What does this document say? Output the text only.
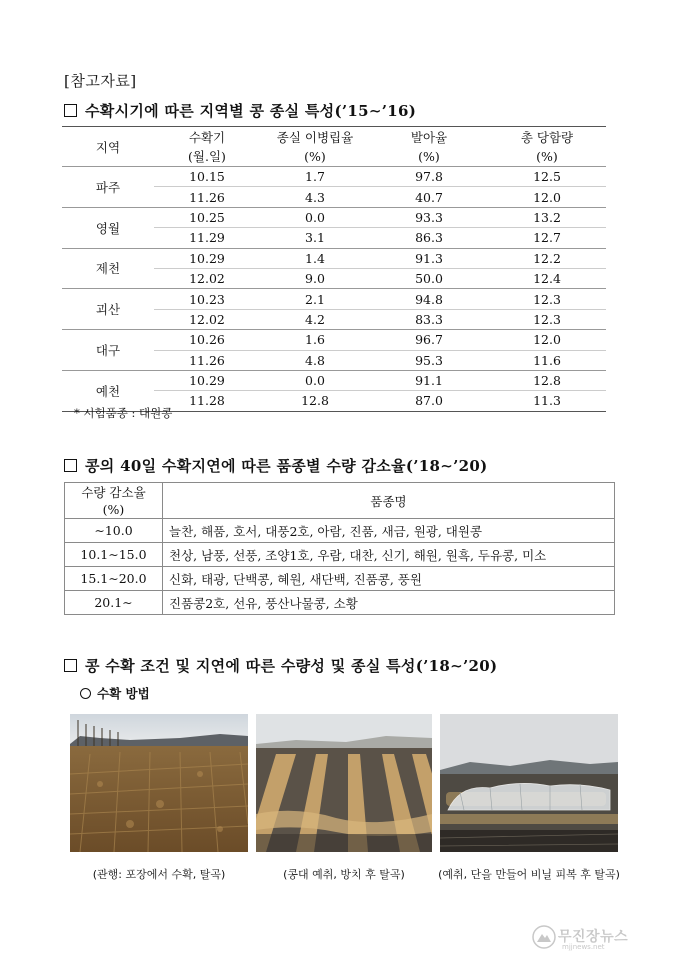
[참고자료]
수확시기에 따른 지역별 콩 종실 특성(’15∼’16)
지역	수확기	종실 이병립율	발아율	총 당함량
	(월.일)	(%)	(%)	(%)
파주	10.15	1.7	97.8	12.5
	11.26	4.3	40.7	12.0
영월	10.25	0.0	93.3	13.2
	11.29	3.1	86.3	12.7
제천	10.29	1.4	91.3	12.2
	12.02	9.0	50.0	12.4
괴산	10.23	2.1	94.8	12.3
	12.02	4.2	83.3	12.3
대구	10.26	1.6	96.7	12.0
	11.26	4.8	95.3	11.6
예천	10.29	0.0	91.1	12.8
	11.28	12.8	87.0	11.3
* 시험품종 : 대원콩
콩의 40일 수확지연에 따른 품종별 수량 감소율(’18∼’20)
수량 감소율
(%)	품종명
∼10.0	늘찬, 해품, 호서, 대풍2호, 아람, 진품, 새금, 원광, 대원콩
10.1∼15.0	천상, 남풍, 선풍, 조양1호, 우람, 대찬, 신기, 해원, 원흑, 두유콩, 미소
15.1∼20.0	신화, 태광, 단백콩, 혜원, 새단백, 진품콩, 풍원
20.1∼	진품콩2호, 선유, 풍산나물콩, 소황
콩 수확 조건 및 지연에 따른 수량성 및 종실 특성(’18∼’20)
수확 방법
(관행: 포장에서 수확, 탈곡)	(콩대 예취, 방치 후 탈곡)	(예취, 단을 만들어 비닐 피복 후 탈곡)
무진장뉴스
mjjnews.net
